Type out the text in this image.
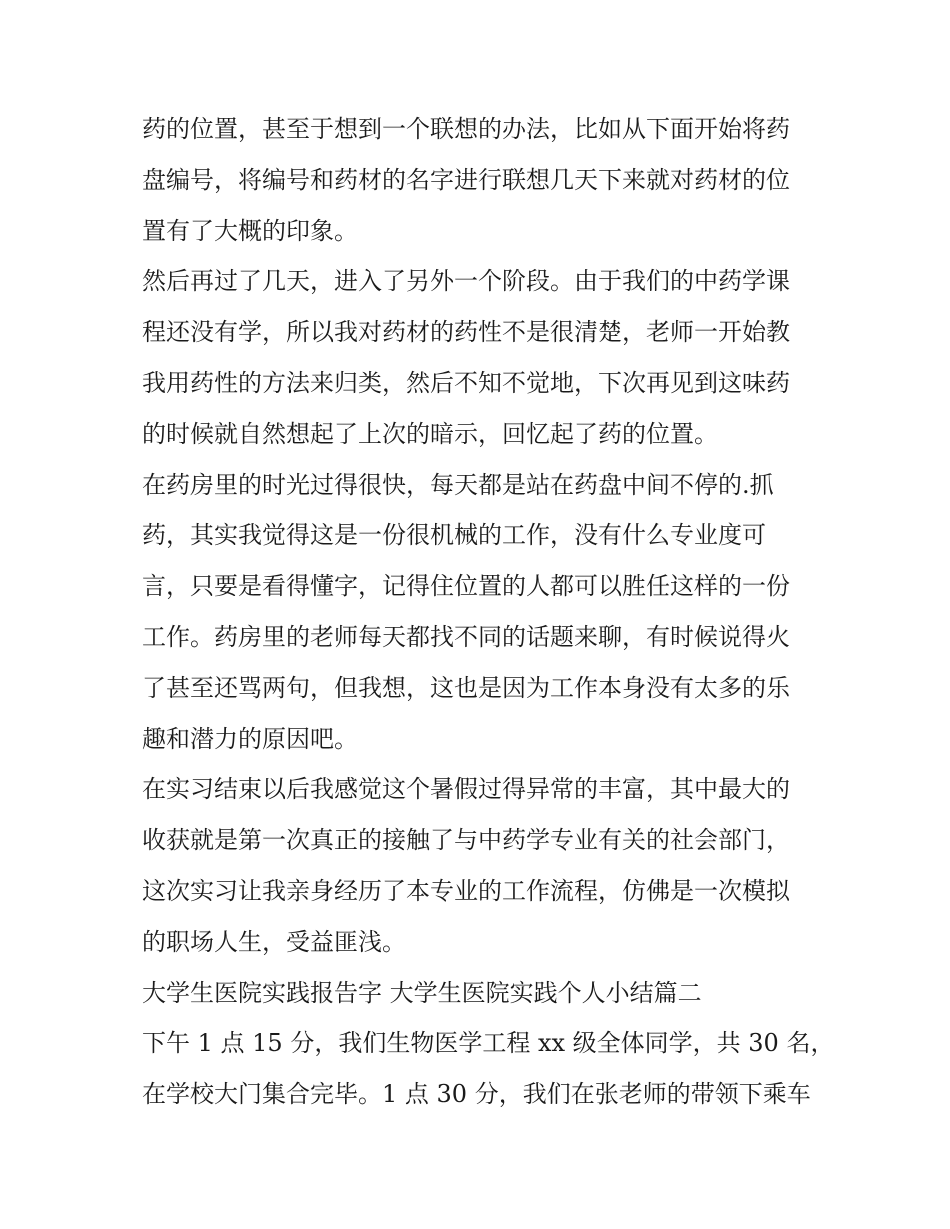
药的位置，甚至于想到一个联想的办法，比如从下面开始将药
盘编号，将编号和药材的名字进行联想几天下来就对药材的位
置有了大概的印象。
然后再过了几天，进入了另外一个阶段。由于我们的中药学课
程还没有学，所以我对药材的药性不是很清楚，老师一开始教
我用药性的方法来归类，然后不知不觉地，下次再见到这味药
的时候就自然想起了上次的暗示，回忆起了药的位置。
在药房里的时光过得很快，每天都是站在药盘中间不停的.抓
药，其实我觉得这是一份很机械的工作，没有什么专业度可
言，只要是看得懂字，记得住位置的人都可以胜任这样的一份
工作。药房里的老师每天都找不同的话题来聊，有时候说得火
了甚至还骂两句，但我想，这也是因为工作本身没有太多的乐
趣和潜力的原因吧。
在实习结束以后我感觉这个暑假过得异常的丰富，其中最大的
收获就是第一次真正的接触了与中药学专业有关的社会部门，
这次实习让我亲身经历了本专业的工作流程，仿佛是一次模拟
的职场人生，受益匪浅。
大学生医院实践报告字 大学生医院实践个人小结篇二
下午 1 点 15 分，我们生物医学工程 xx 级全体同学，共 30 名，
在学校大门集合完毕。1 点 30 分，我们在张老师的带领下乘车
